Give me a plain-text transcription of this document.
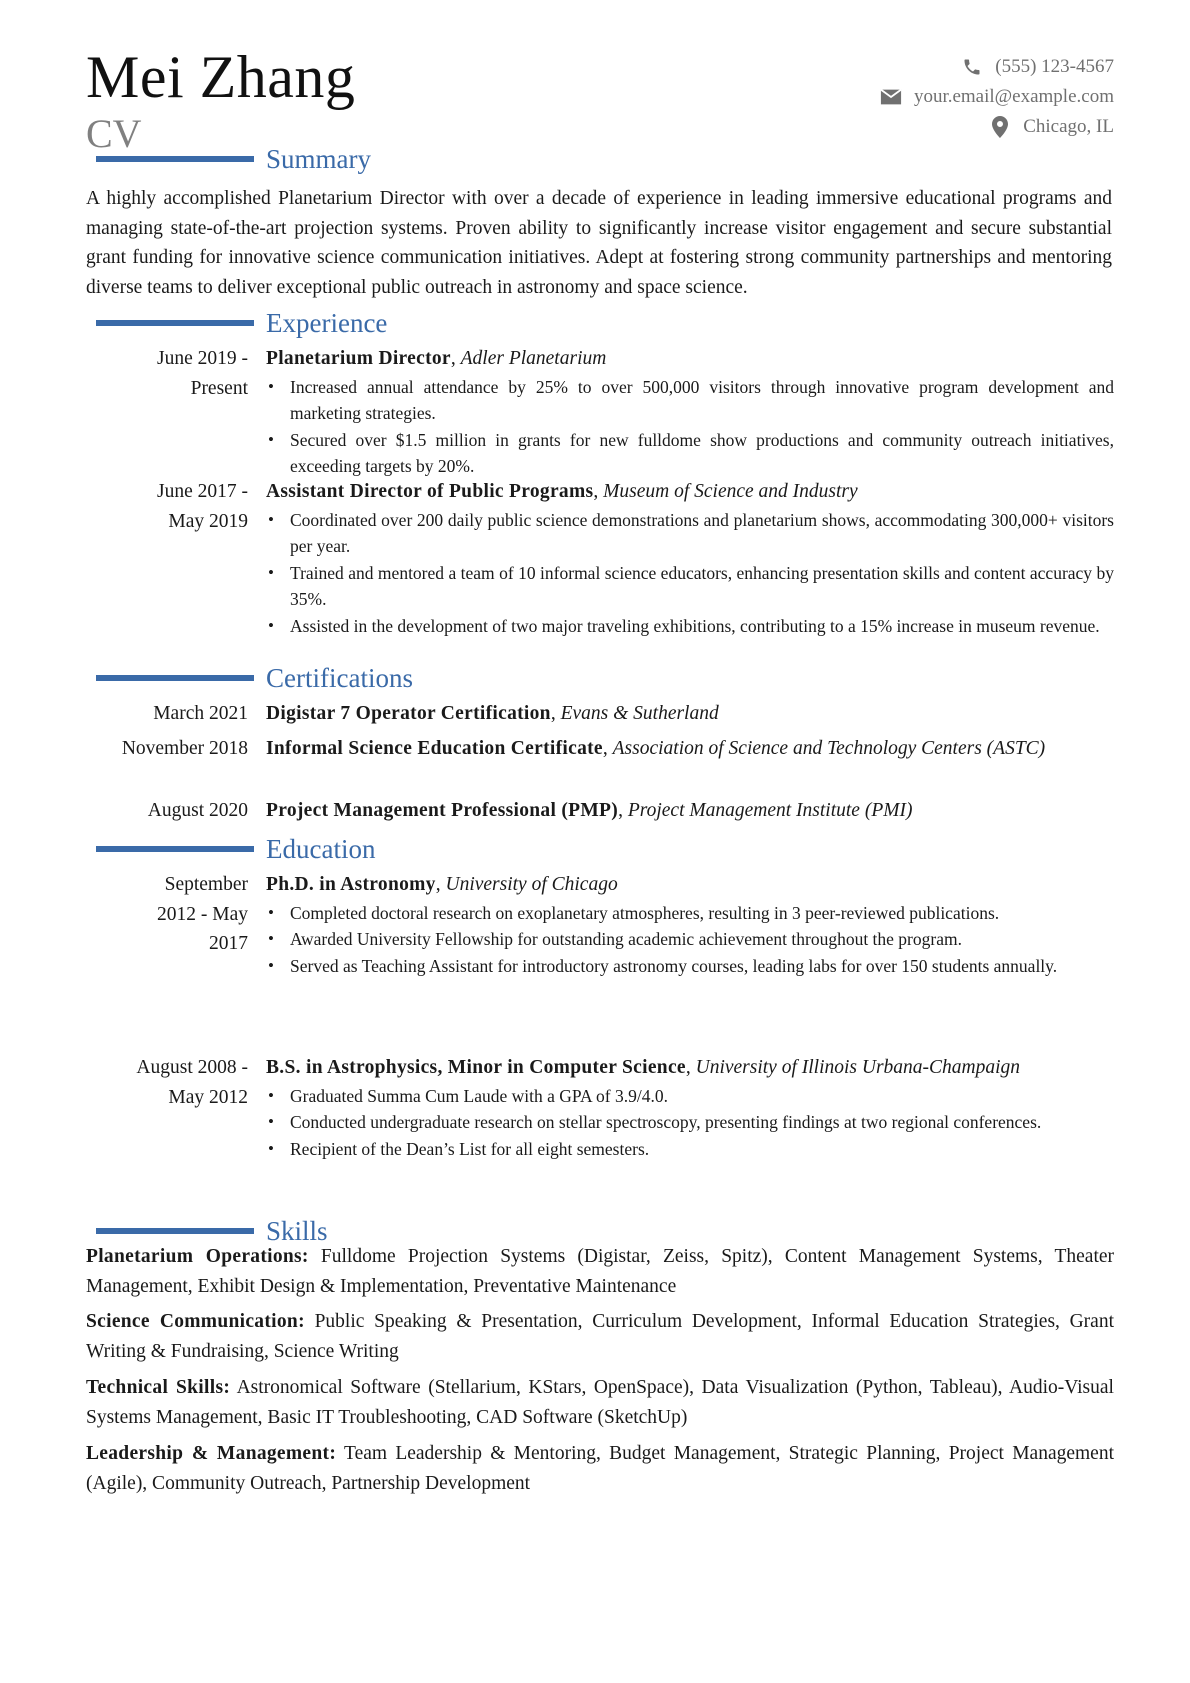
Mei Zhang
CV
(555) 123-4567
your.email@example.com
Chicago, IL
Summary
A highly accomplished Planetarium Director with over a decade of experience in leading immersive educational programs and managing state-of-the-art projection systems. Proven ability to significantly increase visitor engagement and secure substantial grant funding for innovative science communication initiatives. Adept at fostering strong community partnerships and mentoring diverse teams to deliver exceptional public outreach in astronomy and space science.
Experience
June 2019 -
Present
Planetarium Director, Adler Planetarium
• Increased annual attendance by 25% to over 500,000 visitors through innovative program development and marketing strategies.
• Secured over $1.5 million in grants for new fulldome show productions and community outreach initiatives, exceeding targets by 20%.
June 2017 -
May 2019
Assistant Director of Public Programs, Museum of Science and Industry
• Coordinated over 200 daily public science demonstrations and planetarium shows, accommodating 300,000+ visitors per year.
• Trained and mentored a team of 10 informal science educators, enhancing presentation skills and content accuracy by 35%.
• Assisted in the development of two major traveling exhibitions, contributing to a 15% increase in museum revenue.
Certifications
March 2021 Digistar 7 Operator Certification, Evans & Sutherland
November 2018 Informal Science Education Certificate, Association of Science and Technology Centers (ASTC)
August 2020 Project Management Professional (PMP), Project Management Institute (PMI)
Education
September
2012 - May
2017
Ph.D. in Astronomy, University of Chicago
• Completed doctoral research on exoplanetary atmospheres, resulting in 3 peer-reviewed publications.
• Awarded University Fellowship for outstanding academic achievement throughout the program.
• Served as Teaching Assistant for introductory astronomy courses, leading labs for over 150 students annually.
August 2008 -
May 2012
B.S. in Astrophysics, Minor in Computer Science, University of Illinois Urbana-Champaign
• Graduated Summa Cum Laude with a GPA of 3.9/4.0.
• Conducted undergraduate research on stellar spectroscopy, presenting findings at two regional conferences.
• Recipient of the Dean’s List for all eight semesters.
Skills
Planetarium Operations: Fulldome Projection Systems (Digistar, Zeiss, Spitz), Content Management Systems, Theater Management, Exhibit Design & Implementation, Preventative Maintenance
Science Communication: Public Speaking & Presentation, Curriculum Development, Informal Education Strategies, Grant Writing & Fundraising, Science Writing
Technical Skills: Astronomical Software (Stellarium, KStars, OpenSpace), Data Visualization (Python, Tableau), Audio-Visual Systems Management, Basic IT Troubleshooting, CAD Software (SketchUp)
Leadership & Management: Team Leadership & Mentoring, Budget Management, Strategic Planning, Project Management (Agile), Community Outreach, Partnership Development
